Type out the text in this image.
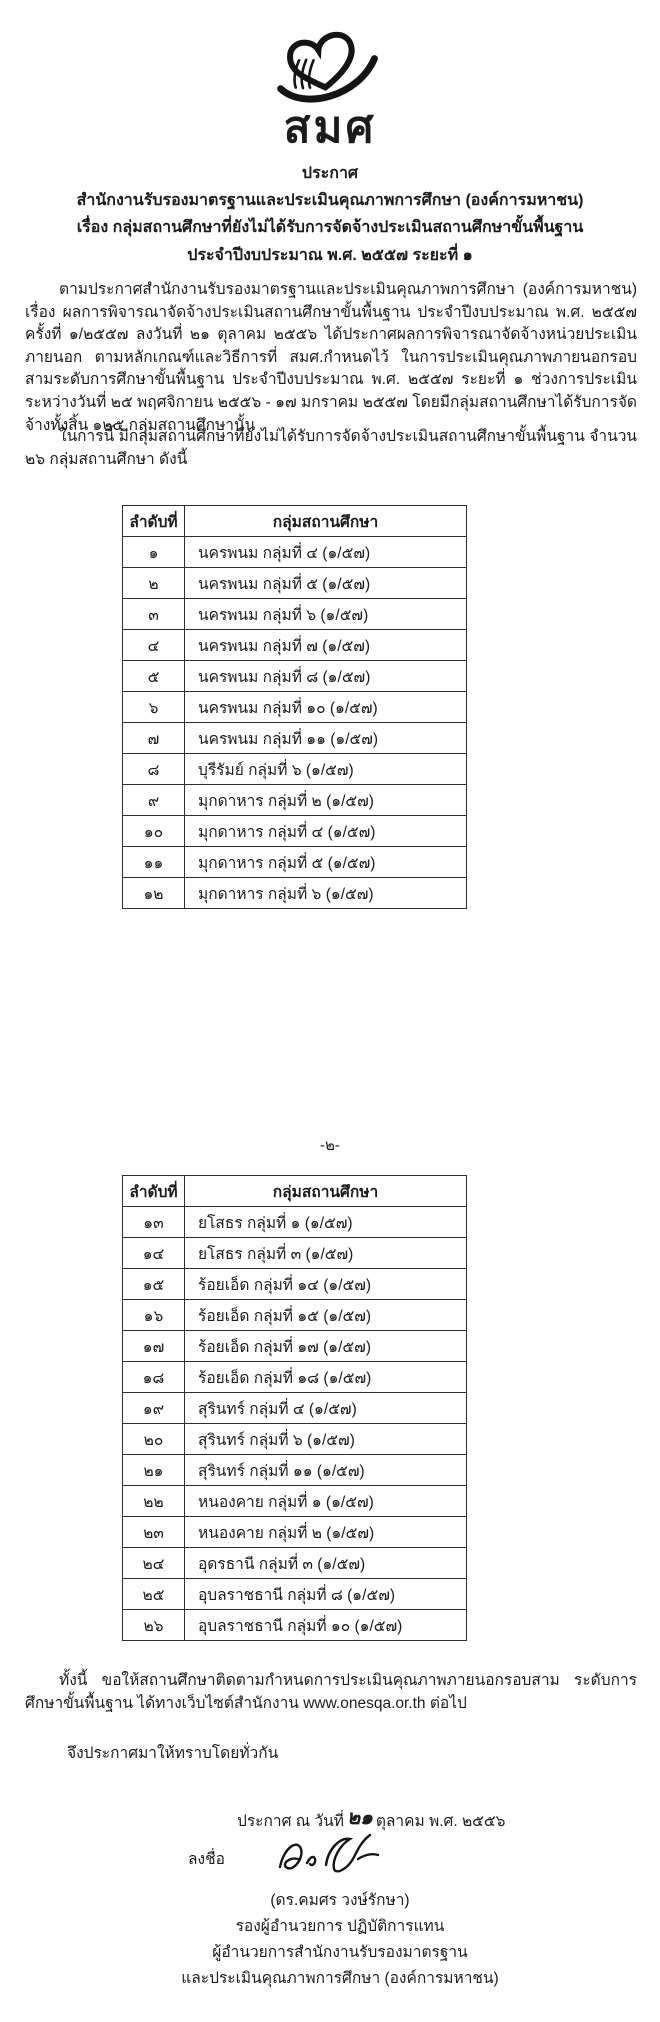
สมศ
ประกาศ
สำนักงานรับรองมาตรฐานและประเมินคุณภาพการศึกษา (องค์การมหาชน)
เรื่อง กลุ่มสถานศึกษาที่ยังไม่ได้รับการจัดจ้างประเมินสถานศึกษาขั้นพื้นฐาน
ประจำปีงบประมาณ พ.ศ. ๒๕๕๗ ระยะที่ ๑
ตามประกาศสำนักงานรับรองมาตรฐานและประเมินคุณภาพการศึกษา (องค์การมหาชน) เรื่อง ผลการพิจารณาจัดจ้างประเมินสถานศึกษาขั้นพื้นฐาน ประจำปีงบประมาณ พ.ศ. ๒๕๕๗ ครั้งที่ ๑/๒๕๕๗ ลงวันที่ ๒๑ ตุลาคม ๒๕๕๖ ได้ประกาศผลการพิจารณาจัดจ้างหน่วยประเมินภายนอก ตามหลักเกณฑ์และวิธีการที่ สมศ.กำหนดไว้ ในการประเมินคุณภาพภายนอกรอบสามระดับการศึกษาขั้นพื้นฐาน ประจำปีงบประมาณ พ.ศ. ๒๕๕๗ ระยะที่ ๑ ช่วงการประเมินระหว่างวันที่ ๒๕ พฤศจิกายน ๒๕๕๖ - ๑๗ มกราคม ๒๕๕๗ โดยมีกลุ่มสถานศึกษาได้รับการจัดจ้างทั้งสิ้น ๑๒๕ กลุ่มสถานศึกษานั้น
ในการนี้ มีกลุ่มสถานศึกษาที่ยังไม่ได้รับการจัดจ้างประเมินสถานศึกษาขั้นพื้นฐาน จำนวน ๒๖ กลุ่มสถานศึกษา ดังนี้
ลำดับที่	กลุ่มสถานศึกษา
๑	นครพนม กลุ่มที่ ๔ (๑/๕๗)
๒	นครพนม กลุ่มที่ ๕ (๑/๕๗)
๓	นครพนม กลุ่มที่ ๖ (๑/๕๗)
๔	นครพนม กลุ่มที่ ๗ (๑/๕๗)
๕	นครพนม กลุ่มที่ ๘ (๑/๕๗)
๖	นครพนม กลุ่มที่ ๑๐ (๑/๕๗)
๗	นครพนม กลุ่มที่ ๑๑ (๑/๕๗)
๘	บุรีรัมย์ กลุ่มที่ ๖ (๑/๕๗)
๙	มุกดาหาร กลุ่มที่ ๒ (๑/๕๗)
๑๐	มุกดาหาร กลุ่มที่ ๔ (๑/๕๗)
๑๑	มุกดาหาร กลุ่มที่ ๕ (๑/๕๗)
๑๒	มุกดาหาร กลุ่มที่ ๖ (๑/๕๗)
-๒-
ลำดับที่	กลุ่มสถานศึกษา
๑๓	ยโสธร กลุ่มที่ ๑ (๑/๕๗)
๑๔	ยโสธร กลุ่มที่ ๓ (๑/๕๗)
๑๕	ร้อยเอ็ด กลุ่มที่ ๑๔ (๑/๕๗)
๑๖	ร้อยเอ็ด กลุ่มที่ ๑๕ (๑/๕๗)
๑๗	ร้อยเอ็ด กลุ่มที่ ๑๗ (๑/๕๗)
๑๘	ร้อยเอ็ด กลุ่มที่ ๑๘ (๑/๕๗)
๑๙	สุรินทร์ กลุ่มที่ ๔ (๑/๕๗)
๒๐	สุรินทร์ กลุ่มที่ ๖ (๑/๕๗)
๒๑	สุรินทร์ กลุ่มที่ ๑๑ (๑/๕๗)
๒๒	หนองคาย กลุ่มที่ ๑ (๑/๕๗)
๒๓	หนองคาย กลุ่มที่ ๒ (๑/๕๗)
๒๔	อุดรธานี กลุ่มที่ ๓ (๑/๕๗)
๒๕	อุบลราชธานี กลุ่มที่ ๘ (๑/๕๗)
๒๖	อุบลราชธานี กลุ่มที่ ๑๐ (๑/๕๗)
ทั้งนี้ ขอให้สถานศึกษาติดตามกำหนดการประเมินคุณภาพภายนอกรอบสาม ระดับการศึกษาขั้นพื้นฐาน ได้ทางเว็บไซต์สำนักงาน www.onesqa.or.th ต่อไป
จึงประกาศมาให้ทราบโดยทั่วกัน
ประกาศ ณ วันที่ ๒๑ ตุลาคม พ.ศ. ๒๕๕๖
ลงชื่อ
(ดร.คมศร วงษ์รักษา)
รองผู้อำนวยการ ปฏิบัติการแทน
ผู้อำนวยการสำนักงานรับรองมาตรฐาน
และประเมินคุณภาพการศึกษา (องค์การมหาชน)
